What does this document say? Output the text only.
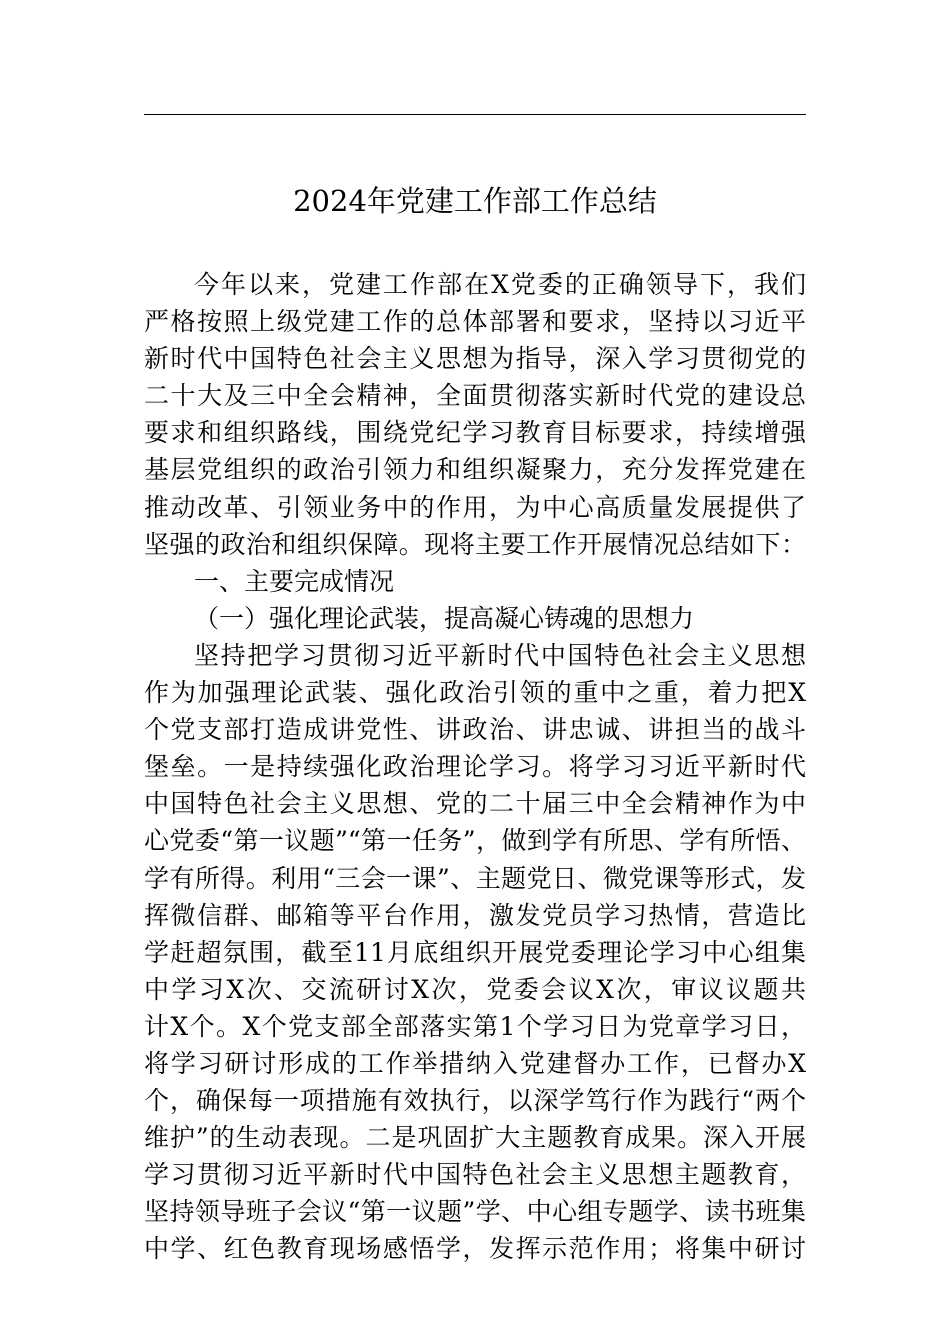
2024年党建工作部工作总结
今年以来，党建工作部在X党委的正确领导下，我们
严格按照上级党建工作的总体部署和要求，坚持以习近平
新时代中国特色社会主义思想为指导，深入学习贯彻党的
二十大及三中全会精神，全面贯彻落实新时代党的建设总
要求和组织路线，围绕党纪学习教育目标要求，持续增强
基层党组织的政治引领力和组织凝聚力，充分发挥党建在
推动改革、引领业务中的作用，为中心高质量发展提供了
坚强的政治和组织保障。现将主要工作开展情况总结如下：
一、主要完成情况
（一）强化理论武装，提高凝心铸魂的思想力
坚持把学习贯彻习近平新时代中国特色社会主义思想
作为加强理论武装、强化政治引领的重中之重，着力把X
个党支部打造成讲党性、讲政治、讲忠诚、讲担当的战斗
堡垒。一是持续强化政治理论学习。将学习习近平新时代
中国特色社会主义思想、党的二十届三中全会精神作为中
心党委“第一议题”“第一任务”，做到学有所思、学有所悟、
学有所得。利用“三会一课”、主题党日、微党课等形式，发
挥微信群、邮箱等平台作用，激发党员学习热情，营造比
学赶超氛围，截至11月底组织开展党委理论学习中心组集
中学习X次、交流研讨X次，党委会议X次，审议议题共
计X个。X个党支部全部落实第1个学习日为党章学习日，
将学习研讨形成的工作举措纳入党建督办工作，已督办X
个，确保每一项措施有效执行，以深学笃行作为践行“两个
维护”的生动表现。二是巩固扩大主题教育成果。深入开展
学习贯彻习近平新时代中国特色社会主义思想主题教育，
坚持领导班子会议“第一议题”学、中心组专题学、读书班集
中学、红色教育现场感悟学，发挥示范作用；将集中研讨
